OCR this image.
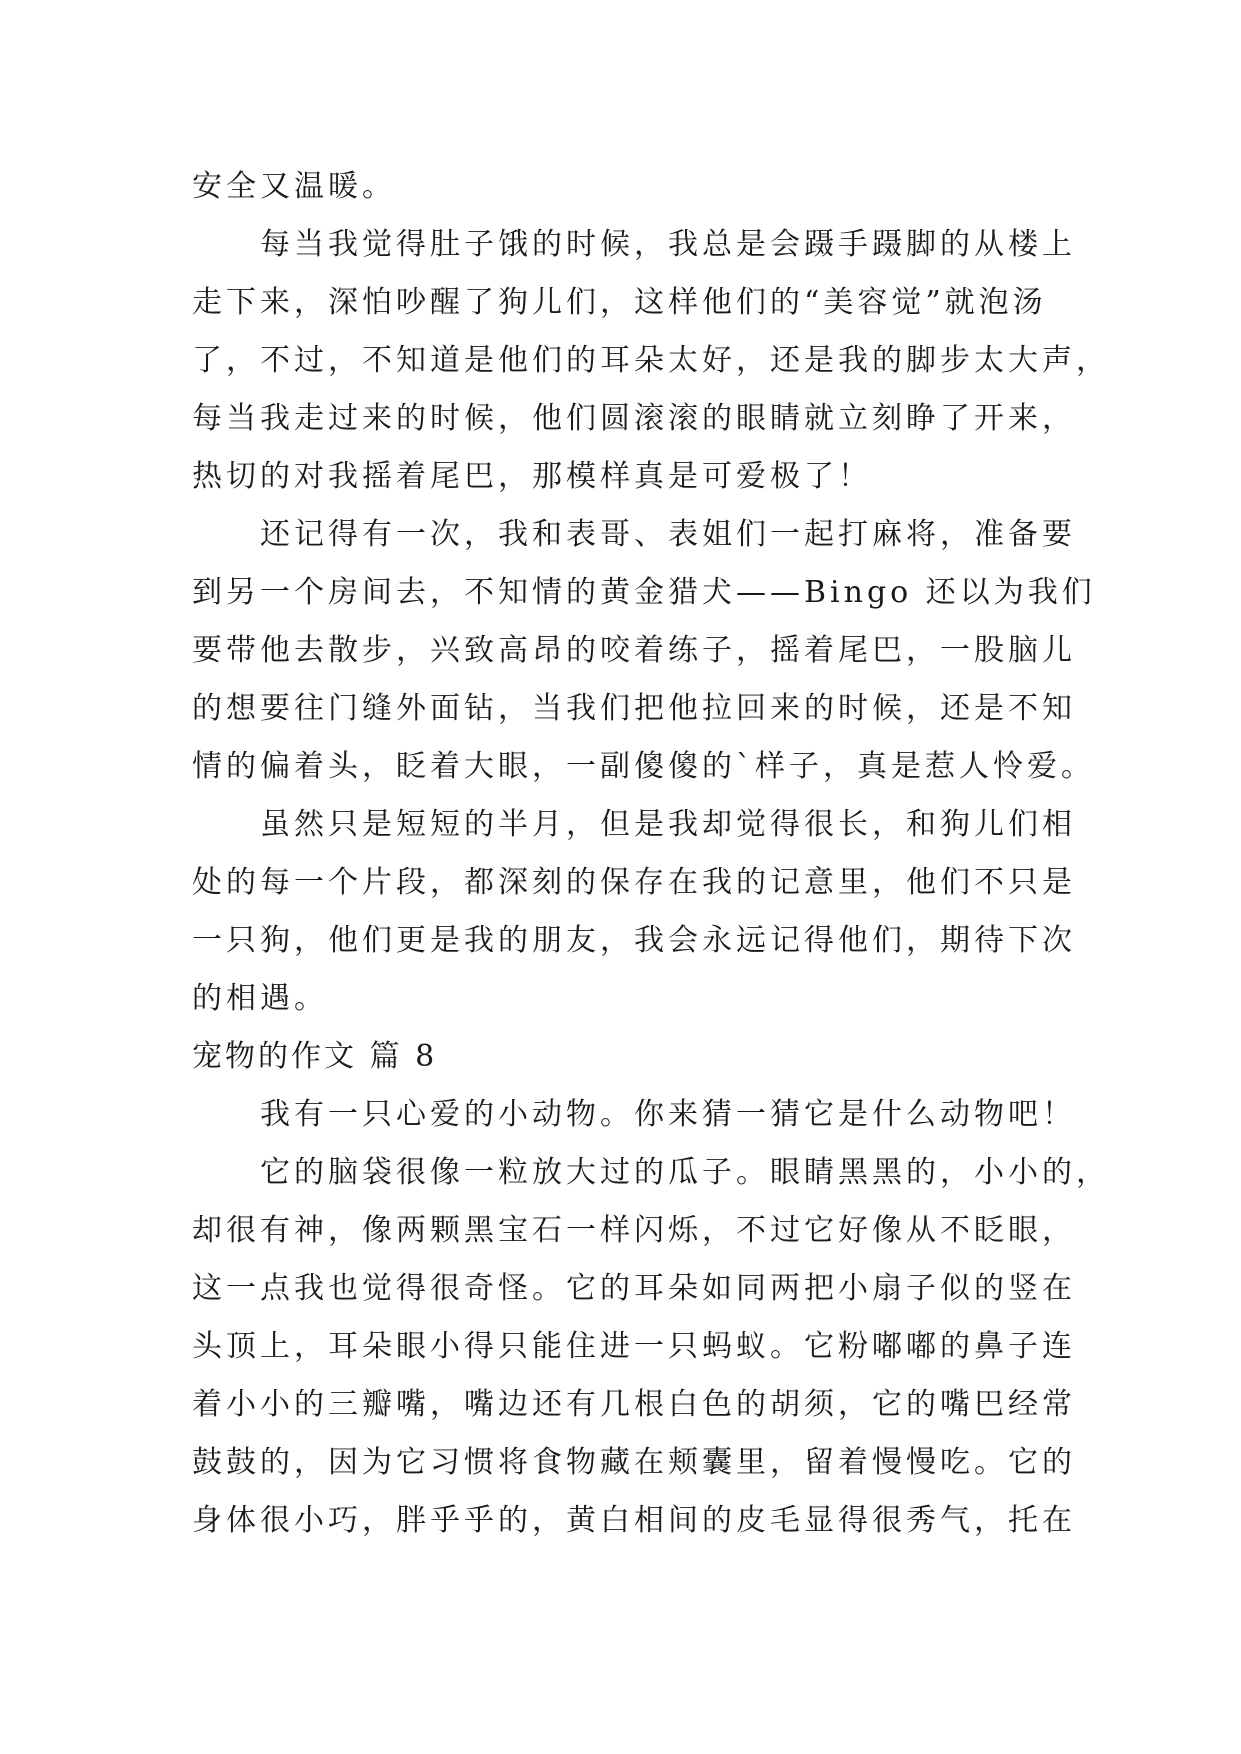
安全又温暖。
每当我觉得肚子饿的时候，我总是会蹑手蹑脚的从楼上
走下来，深怕吵醒了狗儿们，这样他们的“美容觉”就泡汤
了，不过，不知道是他们的耳朵太好，还是我的脚步太大声，
每当我走过来的时候，他们圆滚滚的眼睛就立刻睁了开来，
热切的对我摇着尾巴，那模样真是可爱极了！
还记得有一次，我和表哥、表姐们一起打麻将，准备要
到另一个房间去，不知情的黄金猎犬——Bingo 还以为我们
要带他去散步，兴致高昂的咬着练子，摇着尾巴，一股脑儿
的想要往门缝外面钻，当我们把他拉回来的时候，还是不知
情的偏着头，眨着大眼，一副傻傻的`样子，真是惹人怜爱。
虽然只是短短的半月，但是我却觉得很长，和狗儿们相
处的每一个片段，都深刻的保存在我的记意里，他们不只是
一只狗，他们更是我的朋友，我会永远记得他们，期待下次
的相遇。
宠物的作文 篇 8
我有一只心爱的小动物。你来猜一猜它是什么动物吧！
它的脑袋很像一粒放大过的瓜子。眼睛黑黑的，小小的，
却很有神，像两颗黑宝石一样闪烁，不过它好像从不眨眼，
这一点我也觉得很奇怪。它的耳朵如同两把小扇子似的竖在
头顶上，耳朵眼小得只能住进一只蚂蚁。它粉嘟嘟的鼻子连
着小小的三瓣嘴，嘴边还有几根白色的胡须，它的嘴巴经常
鼓鼓的，因为它习惯将食物藏在颊囊里，留着慢慢吃。它的
身体很小巧，胖乎乎的，黄白相间的皮毛显得很秀气，托在
